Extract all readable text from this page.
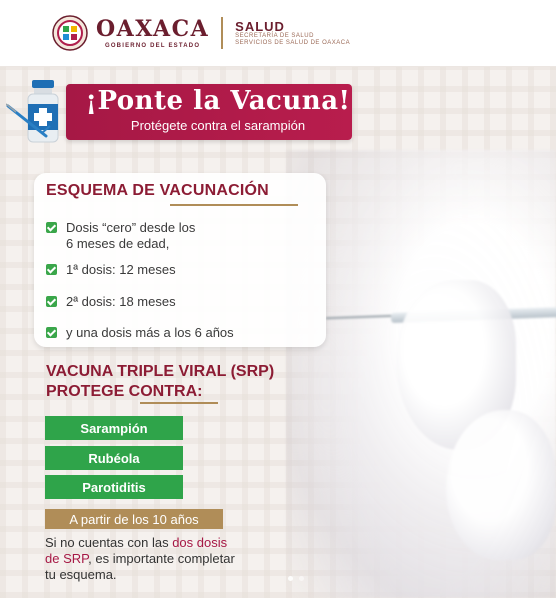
OAXACA
GOBIERNO DEL ESTADO
SALUD
SECRETARÍA DE SALUD
SERVICIOS DE SALUD DE OAXACA
¡Ponte la Vacuna!
Protégete contra el sarampión
ESQUEMA DE VACUNACIÓN
Dosis “cero” desde los
6 meses de edad,
1ª dosis: 12 meses
2ª dosis: 18 meses
y una dosis más a los 6 años
VACUNA TRIPLE VIRAL (SRP)
PROTEGE CONTRA:
Sarampión
Rubéola
Parotiditis
A partir de los 10 años
Si no cuentas con las dos dosis de SRP, es importante completar tu esquema.
